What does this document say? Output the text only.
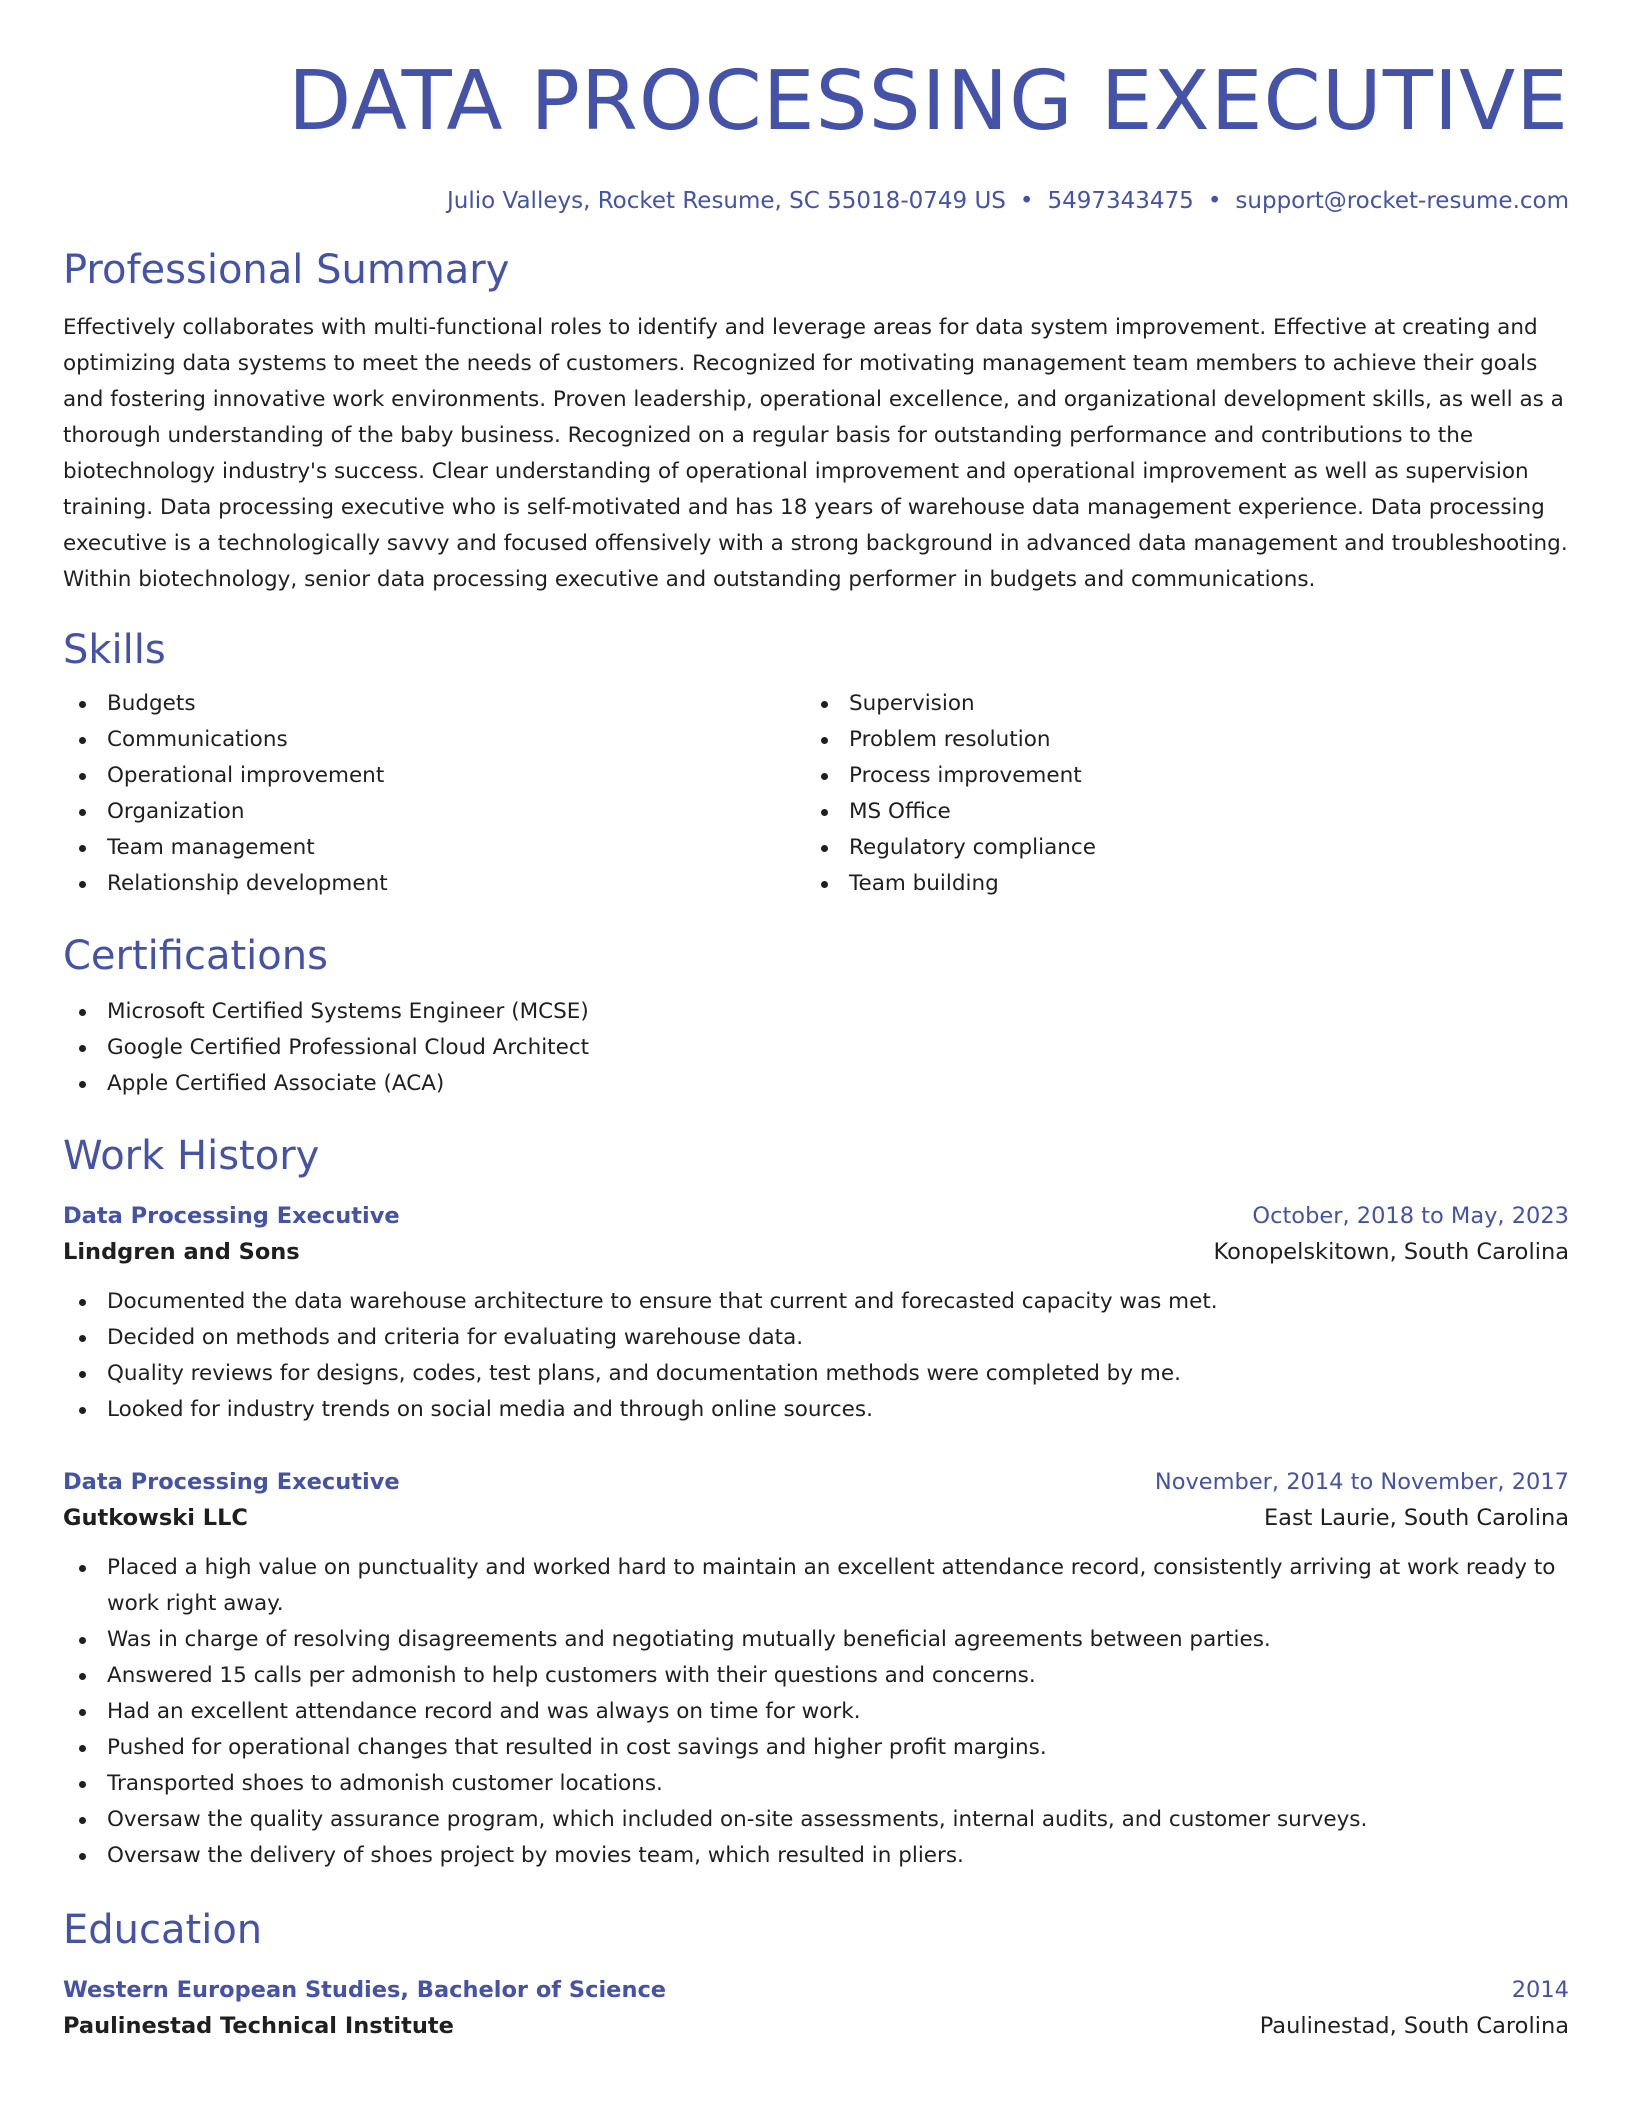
DATA PROCESSING EXECUTIVE
Julio Valleys, Rocket Resume, SC 55018-0749 US • 5497343475 • support@rocket-resume.com
Professional Summary

Effectively collaborates with multi-functional roles to identify and leverage areas for data system improvement. Effective at creating and optimizing data systems to meet the needs of customers. Recognized for motivating management team members to achieve their goals and fostering innovative work environments. Proven leadership, operational excellence, and organizational development skills, as well as a thorough understanding of the baby business. Recognized on a regular basis for outstanding performance and contributions to the biotechnology industry's success. Clear understanding of operational improvement and operational improvement as well as supervision training. Data processing executive who is self-motivated and has 18 years of warehouse data management experience. Data processing executive is a technologically savvy and focused offensively with a strong background in advanced data management and troubleshooting. Within biotechnology, senior data processing executive and outstanding performer in budgets and communications.

Skills
Budgets
Communications
Operational improvement
Organization
Team management
Relationship development
Supervision
Problem resolution
Process improvement
MS Office
Regulatory compliance
Team building
Certifications
Microsoft Certified Systems Engineer (MCSE)
Google Certified Professional Cloud Architect
Apple Certified Associate (ACA)
Work History
Data Processing Executive	October, 2018 to May, 2023
Lindgren and Sons	Konopelskitown, South Carolina
Documented the data warehouse architecture to ensure that current and forecasted capacity was met.
Decided on methods and criteria for evaluating warehouse data.
Quality reviews for designs, codes, test plans, and documentation methods were completed by me.
Looked for industry trends on social media and through online sources.
Data Processing Executive	November, 2014 to November, 2017
Gutkowski LLC	East Laurie, South Carolina
Placed a high value on punctuality and worked hard to maintain an excellent attendance record, consistently arriving at work ready to work right away.
Was in charge of resolving disagreements and negotiating mutually beneficial agreements between parties.
Answered 15 calls per admonish to help customers with their questions and concerns.
Had an excellent attendance record and was always on time for work.
Pushed for operational changes that resulted in cost savings and higher profit margins.
Transported shoes to admonish customer locations.
Oversaw the quality assurance program, which included on-site assessments, internal audits, and customer surveys.
Oversaw the delivery of shoes project by movies team, which resulted in pliers.
Education
Western European Studies, Bachelor of Science	2014
Paulinestad Technical Institute	Paulinestad, South Carolina
